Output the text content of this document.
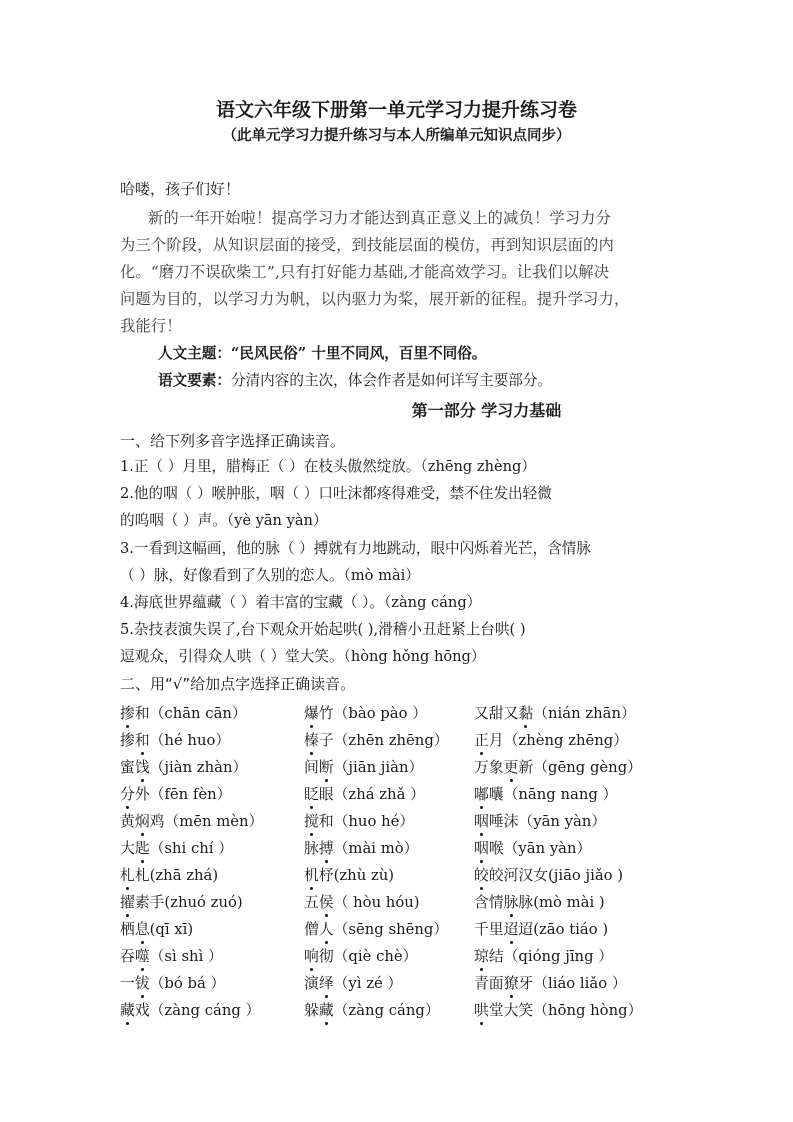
语文六年级下册第一单元学习力提升练习卷
（此单元学习力提升练习与本人所编单元知识点同步）
哈喽，孩子们好！
新的一年开始啦！提高学习力才能达到真正意义上的减负！学习力分
为三个阶段，从知识层面的接受，到技能层面的模仿，再到知识层面的内
化。“磨刀不误砍柴工”,只有打好能力基础,才能高效学习。让我们以解决
问题为目的，以学习力为帆，以内驱力为桨，展开新的征程。提升学习力，
我能行！
人文主题：“民风民俗” 十里不同风，百里不同俗。
语文要素：分清内容的主次，体会作者是如何详写主要部分。
第一部分 学习力基础
一、给下列多音字选择正确读音。
1.正（ ）月里，腊梅正（ ）在枝头傲然绽放。（zhēng zhèng）
2.他的咽（ ）喉肿胀，咽（ ）口吐沫都疼得难受，禁不住发出轻微
的呜咽（ ）声。（yè yān yàn）
3.一看到这幅画，他的脉（ ）搏就有力地跳动，眼中闪烁着光芒，含情脉
（ ）脉，好像看到了久别的恋人。（mò mài）
4.海底世界蕴藏（ ）着丰富的宝藏（ ）。（zàng cáng）
5.杂技表演失误了,台下观众开始起哄( ),滑稽小丑赶紧上台哄( )
逗观众，引得众人哄（ ）堂大笑。（hòng hǒng hōng）
二、用“√”给加点字选择正确读音。
掺和（chān cān）	爆竹（bào pào ）	又甜又黏（nián zhān）
掺和（hé huo）	榛子（zhēn zhēng） 正月（zhèng zhēng）
蜜饯（jiàn zhàn）	间断（jiān jiàn）	万象更新（gēng gèng）
分外（fēn fèn）	眨眼（zhá zhǎ ）	嘟囔（nāng nang ）
黄焖鸡（mēn mèn）	搅和（huo hé）	咽唾沫（yān yàn）
大匙（shi chí ）	脉搏（mài mò）	咽喉（yān yàn）
札札(zhā zhá)	机杼(zhù zù)	皎皎河汉女(jiāo jiǎo )
擢素手(zhuó zuó)	五侯（ hòu hóu)	含情脉脉(mò mài )
栖息(qī xī)	僧人（sēng shēng） 千里迢迢(zāo tiáo )
吞噬（sì shì ）	响彻（qiè chè）	琼结（qióng jīng ）
一钹（bó bá ）	演绎（yì zé ）	青面獠牙（liáo liǎo ）
藏戏（zàng cáng ）	躲藏（zàng cáng） 哄堂大笑（hōng hòng）
